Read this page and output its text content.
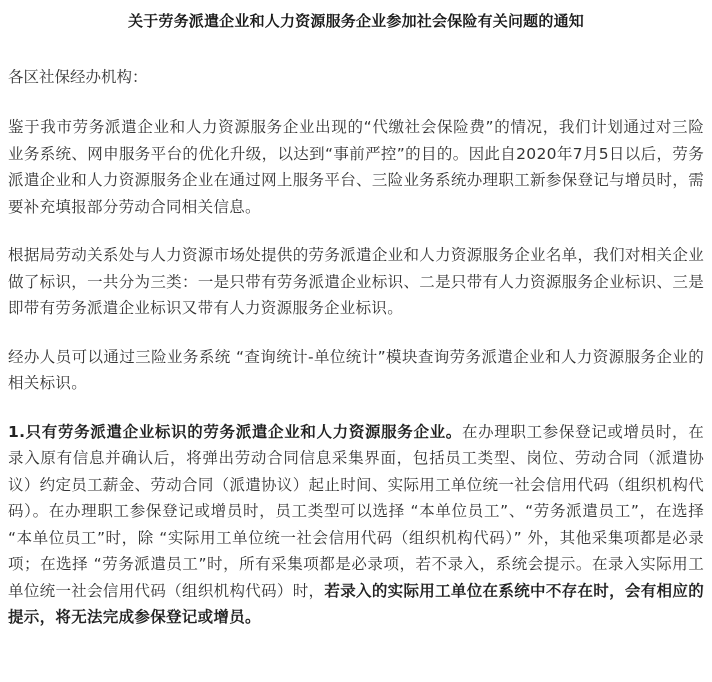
关于劳务派遣企业和人力资源服务企业参加社会保险有关问题的通知

各区社保经办机构：

鉴于我市劳务派遣企业和人力资源服务企业出现的“代缴社会保险费”的情况，我们计划通过对三险业务系统、网申服务平台的优化升级，以达到“事前严控”的目的。因此自2020年7月5日以后，劳务派遣企业和人力资源服务企业在通过网上服务平台、三险业务系统办理职工新参保登记与增员时，需要补充填报部分劳动合同相关信息。

根据局劳动关系处与人力资源市场处提供的劳务派遣企业和人力资源服务企业名单，我们对相关企业做了标识，一共分为三类：一是只带有劳务派遣企业标识、二是只带有人力资源服务企业标识、三是即带有劳务派遣企业标识又带有人力资源服务企业标识。

经办人员可以通过三险业务系统 “查询统计-单位统计”模块查询劳务派遣企业和人力资源服务企业的相关标识。

1.只有劳务派遣企业标识的劳务派遣企业和人力资源服务企业。在办理职工参保登记或增员时，在录入原有信息并确认后，将弹出劳动合同信息采集界面，包括员工类型、岗位、劳动合同（派遣协议）约定员工薪金、劳动合同（派遣协议）起止时间、实际用工单位统一社会信用代码（组织机构代码）。在办理职工参保登记或增员时，员工类型可以选择 “本单位员工”、“劳务派遣员工”，在选择 “本单位员工”时，除 “实际用工单位统一社会信用代码（组织机构代码）” 外，其他采集项都是必录项；在选择 “劳务派遣员工”时，所有采集项都是必录项，若不录入，系统会提示。在录入实际用工单位统一社会信用代码（组织机构代码）时，若录入的实际用工单位在系统中不存在时，会有相应的提示，将无法完成参保登记或增员。
